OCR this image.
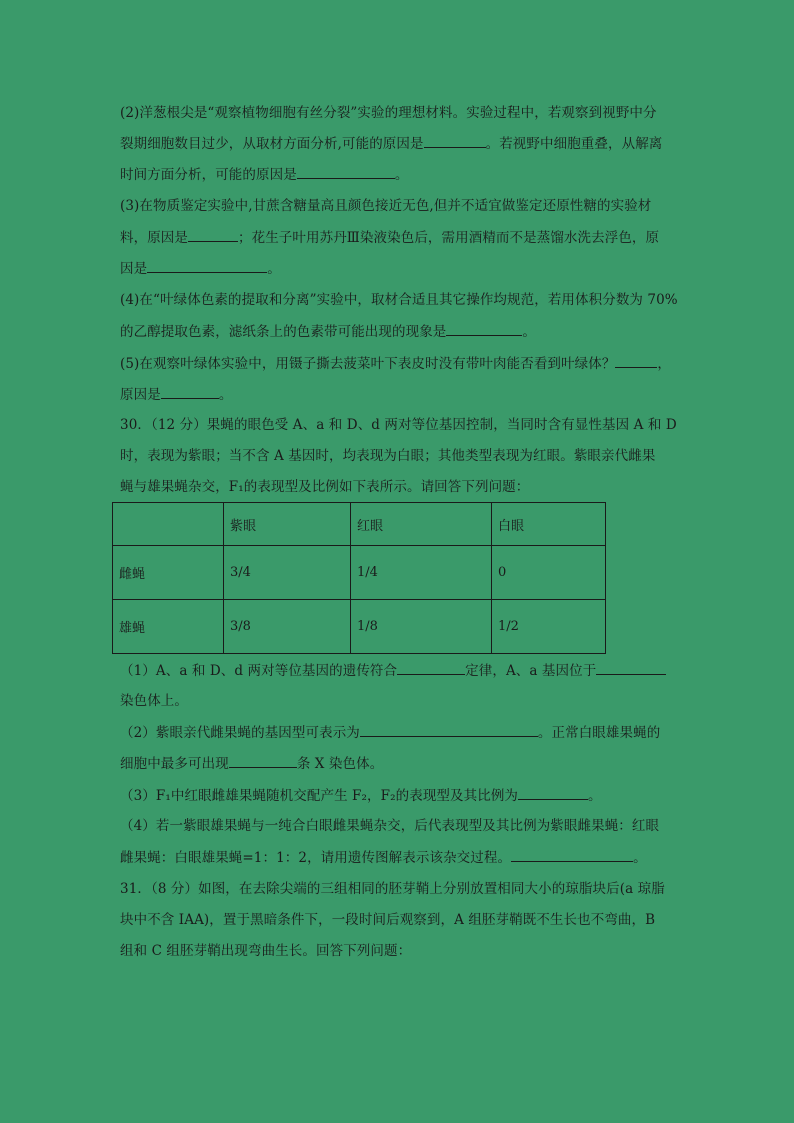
(2)洋葱根尖是“观察植物细胞有丝分裂”实验的理想材料。实验过程中，若观察到视野中分
裂期细胞数目过少，从取材方面分析,可能的原因是	。若视野中细胞重叠，从解离
时间方面分析，可能的原因是	。
(3)在物质鉴定实验中,甘蔗含糖量高且颜色接近无色,但并不适宜做鉴定还原性糖的实验材
料，原因是	；花生子叶用苏丹Ⅲ染液染色后，需用酒精而不是蒸馏水洗去浮色，原
因是	。
(4)在“叶绿体色素的提取和分离”实验中，取材合适且其它操作均规范，若用体积分数为 70%
的乙醇提取色素，滤纸条上的色素带可能出现的现象是	。
(5)在观察叶绿体实验中，用镊子撕去菠菜叶下表皮时没有带叶肉能否看到叶绿体？	，
原因是	。
30．（12 分）果蝇的眼色受 A、a 和 D、d 两对等位基因控制，当同时含有显性基因 A 和 D
时，表现为紫眼；当不含 A 基因时，均表现为白眼；其他类型表现为红眼。紫眼亲代雌果
蝇与雄果蝇杂交，F₁的表现型及比例如下表所示。请回答下列问题：
	紫眼	红眼	白眼
雌蝇	3/4	1/4	0
雄蝇	3/8	1/8	1/2
（1）A、a 和 D、d 两对等位基因的遗传符合	定律，A、a 基因位于
染色体上。
（2）紫眼亲代雌果蝇的基因型可表示为	。正常白眼雄果蝇的
细胞中最多可出现	条 X 染色体。
（3）F₁中红眼雌雄果蝇随机交配产生 F₂，F₂的表现型及其比例为	。
（4）若一紫眼雄果蝇与一纯合白眼雌果蝇杂交，后代表现型及其比例为紫眼雌果蝇：红眼
雌果蝇：白眼雄果蝇=1：1：2，请用遗传图解表示该杂交过程。	。
31．（8 分）如图，在去除尖端的三组相同的胚芽鞘上分别放置相同大小的琼脂块后(a 琼脂
块中不含 IAA)，置于黑暗条件下，一段时间后观察到，A 组胚芽鞘既不生长也不弯曲，B
组和 C 组胚芽鞘出现弯曲生长。回答下列问题：
